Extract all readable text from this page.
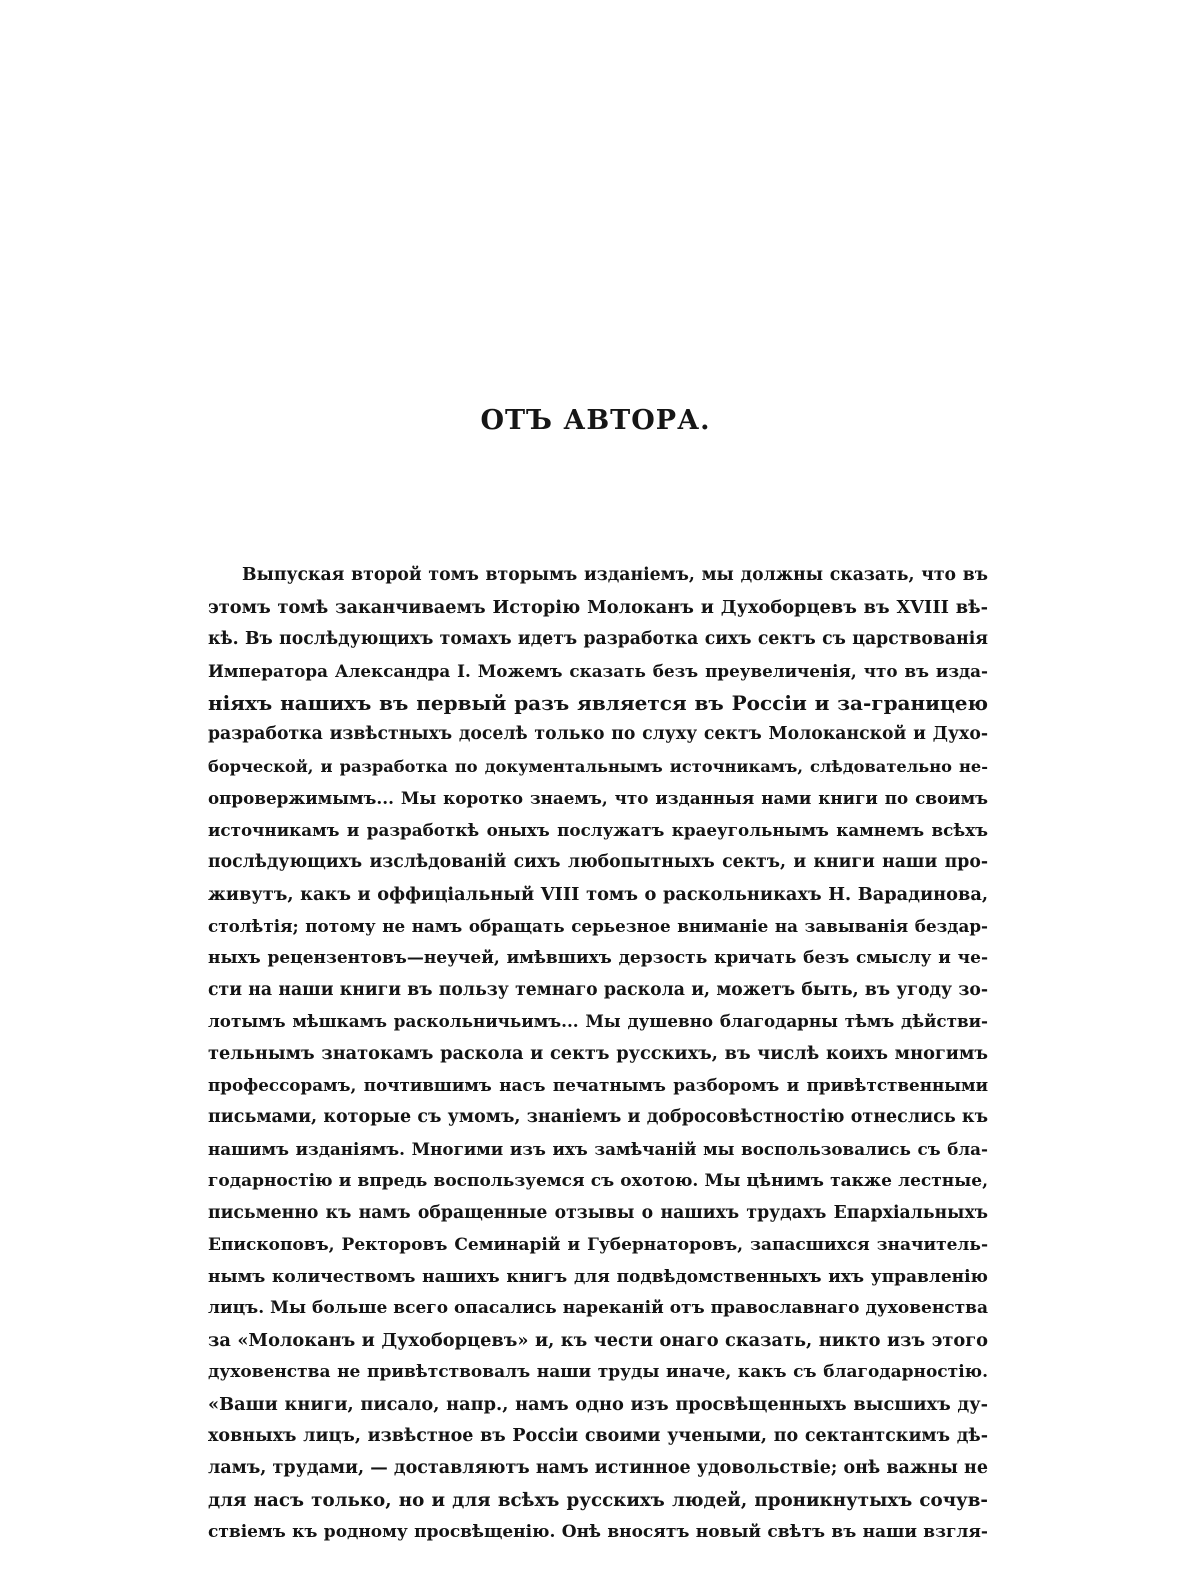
ОТЪ АВТОРА.
Выпуская второй томъ вторымъ изданіемъ, мы должны сказать, что въ
этомъ томѣ заканчиваемъ Исторію Молоканъ и Духоборцевъ въ XVIII вѣ-
кѣ. Въ послѣдующихъ томахъ идетъ разработка сихъ сектъ съ царствованія
Императора Александра I. Можемъ сказать безъ преувеличенія, что въ изда-
ніяхъ нашихъ въ первый разъ является въ Россіи и за-границею
разработка извѣстныхъ доселѣ только по слуху сектъ Молоканской и Духо-
борческой, и разработка по документальнымъ источникамъ, слѣдовательно не-
опровержимымъ... Мы коротко знаемъ, что изданныя нами книги по своимъ
источникамъ и разработкѣ оныхъ послужатъ краеугольнымъ камнемъ всѣхъ
послѣдующихъ изслѣдованій сихъ любопытныхъ сектъ, и книги наши про-
живутъ, какъ и оффиціальный VIII томъ о раскольникахъ Н. Варадинова,
столѣтія; потому не намъ обращать серьезное вниманіе на завыванія бездар-
ныхъ рецензентовъ—неучей, имѣвшихъ дерзость кричать безъ смыслу и че-
сти на наши книги въ пользу темнаго раскола и, можетъ быть, въ угоду зо-
лотымъ мѣшкамъ раскольничьимъ... Мы душевно благодарны тѣмъ дѣйстви-
тельнымъ знатокамъ раскола и сектъ русскихъ, въ числѣ коихъ многимъ
профессорамъ, почтившимъ насъ печатнымъ разборомъ и привѣтственными
письмами, которые съ умомъ, знаніемъ и добросовѣстностію отнеслись къ
нашимъ изданіямъ. Многими изъ ихъ замѣчаній мы воспользовались съ бла-
годарностію и впредь воспользуемся съ охотою. Мы цѣнимъ также лестные,
письменно къ намъ обращенные отзывы о нашихъ трудахъ Епархіальныхъ
Епископовъ, Ректоровъ Семинарій и Губернаторовъ, запасшихся значитель-
нымъ количествомъ нашихъ книгъ для подвѣдомственныхъ ихъ управленію
лицъ. Мы больше всего опасались нареканій отъ православнаго духовенства
за «Молоканъ и Духоборцевъ» и, къ чести онаго сказать, никто изъ этого
духовенства не привѣтствовалъ наши труды иначе, какъ съ благодарностію.
«Ваши книги, писало, напр., намъ одно изъ просвѣщенныхъ высшихъ ду-
ховныхъ лицъ, извѣстное въ Россіи своими учеными, по сектантскимъ дѣ-
ламъ, трудами, — доставляютъ намъ истинное удовольствіе; онѣ важны не
для насъ только, но и для всѣхъ русскихъ людей, проникнутыхъ сочув-
ствіемъ къ родному просвѣщенію. Онѣ вносятъ новый свѣтъ въ наши взгля-
